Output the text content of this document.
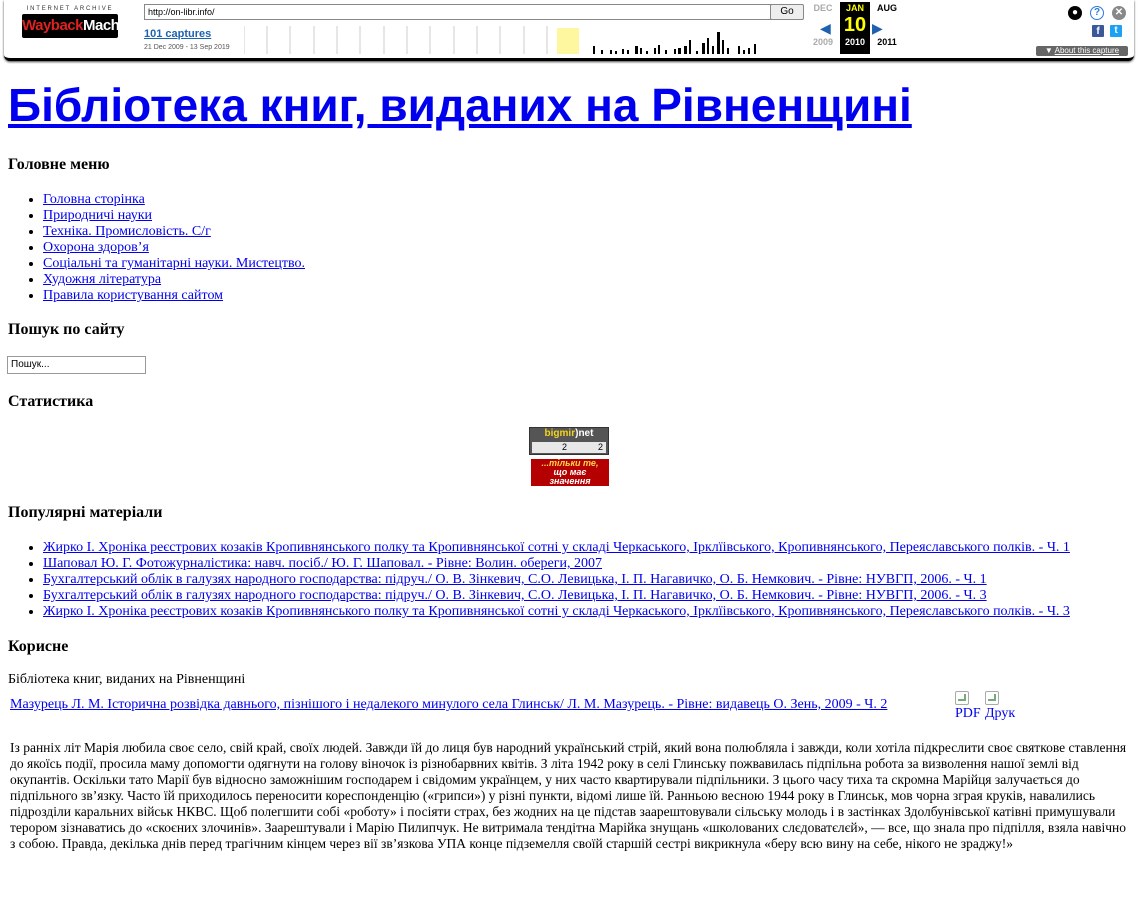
INTERNET ARCHIVE
WaybackMachine
http://on-libr.info/	Go
101 captures
21 Dec 2009 - 13 Sep 2019
DEC
2009
◀
JAN
10
2010
▶
AUG
2011
●	?	✕
f	t
▼ About this capture
Бібліотека книг, виданих на Рівненщині
Головне меню
• Головна сторінка
• Природничі науки
• Техніка. Промисловість. С/г
• Охорона здоров’я
• Соціальні та гуманітарні науки. Мистецтво.
• Художня література
• Правила користування сайтом
Пошук по сайту
Пошук...
Статистика
bigmir)net
2	2
...тільки те,
що має
значення
Популярні матеріали
• Жирко І. Хроніка реєстрових козаків Кропивнянського полку та Кропивнянської сотні у складі Черкаського, Ірклїівського, Кропивнянського, Переяславського полків. - Ч. 1
• Шаповал Ю. Г. Фотожурналістика: навч. посіб./ Ю. Г. Шаповал. - Рівне: Волин. обереги, 2007
• Бухгалтерський облік в галузях народного господарства: підруч./ О. В. Зінкевич, С.О. Левицька, І. П. Нагавичко, О. Б. Немкович. - Рівне: НУВГП, 2006. - Ч. 1
• Бухгалтерський облік в галузях народного господарства: підруч./ О. В. Зінкевич, С.О. Левицька, І. П. Нагавичко, О. Б. Немкович. - Рівне: НУВГП, 2006. - Ч. 3
• Жирко І. Хроніка реєстрових козаків Кропивнянського полку та Кропивнянської сотні у складі Черкаського, Ірклїівського, Кропивнянського, Переяславського полків. - Ч. 3
Корисне
Бібліотека книг, виданих на Рівненщині
Мазурець Л. М. Історична розвідка давнього, пізнішого і недалекого минулого села Глинськ/ Л. М. Мазурець. - Рівне: видавець О. Зень, 2009 - Ч. 2
PDF Друк

Із ранніх літ Марія любила своє село, свій край, своїх людей. Завжди їй до лиця був народний український стрій, який вона полюбляла і завжди, коли хотіла підкреслити своє святкове ставлення до якоїсь події, просила маму допомогти одягнути на голову віночок із різнобарвних квітів. З літа 1942 року в селі Глинську пожвавилась підпільна робота за визволення нашої землі від окупантів. Оскільки тато Марії був відносно заможнішим господарем і свідомим українцем, у них часто квартирували підпільники. З цього часу тиха та скромна Марійця залучається до підпільного зв’язку. Часто їй приходилось переносити кореспонденцію («грипси») у різні пункти, відомі лише їй. Ранньою весною 1944 року в Глинськ, мов чорна зграя круків, навалились підрозділи каральних військ НКВС. Щоб полегшити собі «роботу» і посіяти страх, без жодних на це підстав заарештовували сільську молодь і в застінках Здолбунівської катівні примушували терором зізнаватись до «скоєних злочинів». Заарештували і Марію Пилипчук. Не витримала тендітна Марійка знущань «школованих слєдоватєлєй», — все, що знала про підпілля, взяла навічно з собою. Правда, декілька днів перед трагічним кінцем через вії зв’язкова УПА конце підземелля своїй старшій сестрі викрикнула «беру всю вину на себе, нікого не зраджу!»
